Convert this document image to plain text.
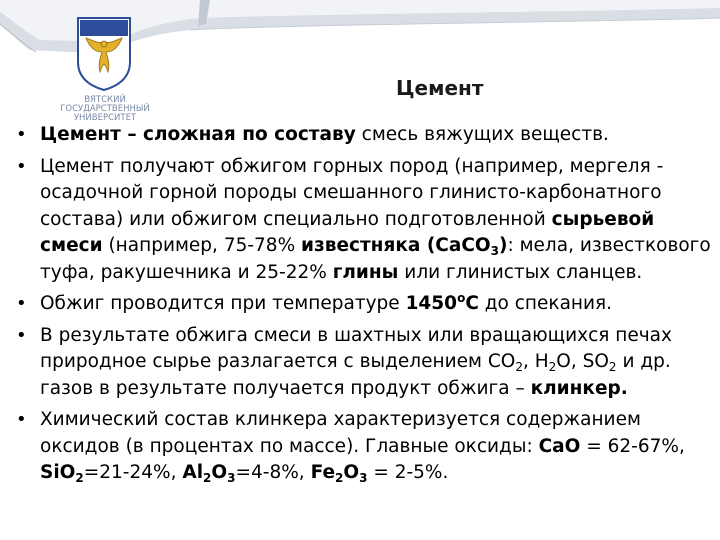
ВЯТСКИЙ
ГОСУДАРСТВЕННЫЙ
УНИВЕРСИТЕТ
Цемент
• Цемент – сложная по составу смесь вяжущих веществ.
• Цемент получают обжигом горных пород (например, мергеля - осадочной горной породы смешанного глинисто-карбонатного состава) или обжигом специально подготовленной сырьевой смеси (например, 75-78% известняка (CaCO$_3$): мела, известкового туфа, ракушечника и 25-22% глины или глинистых сланцев.
• Обжиг проводится при температуре 1450$^o$C до спекания.
• В результате обжига смеси в шахтных или вращающихся печах природное сырье разлагается с выделением $CO_2$, $H_2O$, $SO_2$ и др. газов в результате получается продукт обжига – клинкер.
• Химический состав клинкера характеризуется содержанием оксидов (в процентах по массе). Главные оксиды: CaO = 62-67%, SiO$_2$=21-24%, $Al_2O_3=4-8\%$, $Fe_2O_3 = 2-5\%$.
